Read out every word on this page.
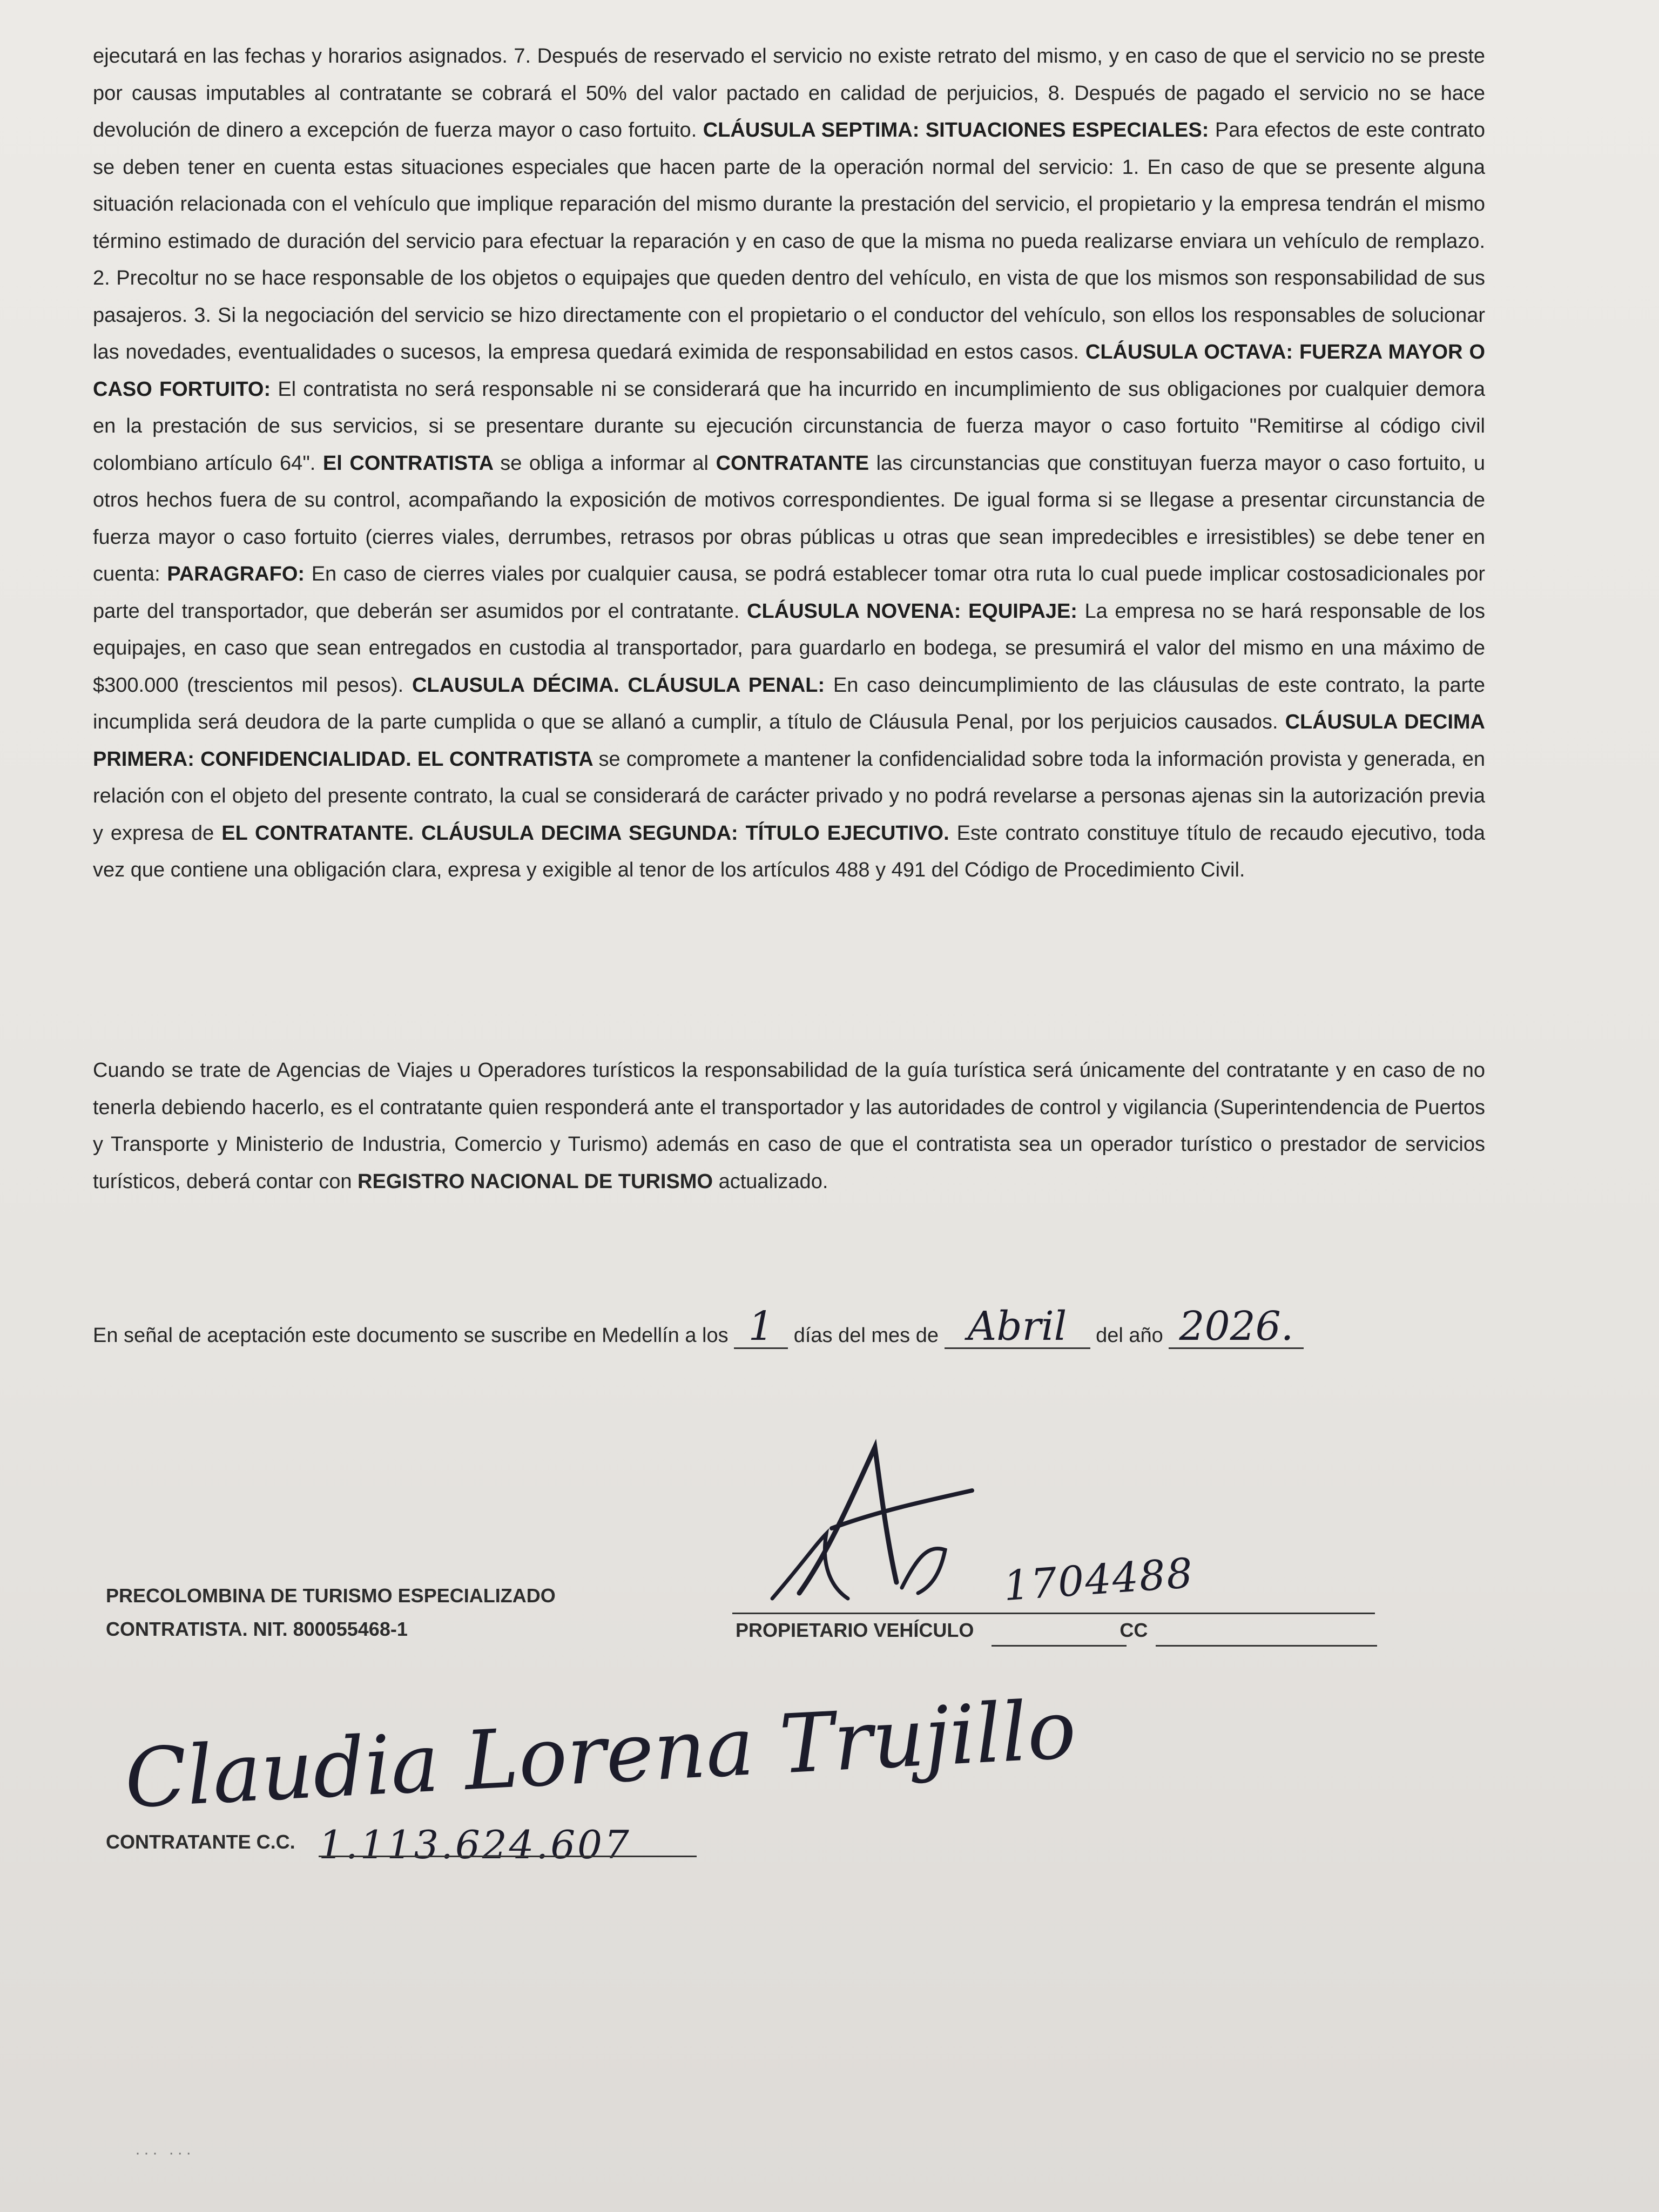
ejecutará en las fechas y horarios asignados. 7. Después de reservado el servicio no existe retrato del mismo, y en caso de que el servicio no se preste por causas imputables al contratante se cobrará el 50% del valor pactado en calidad de perjuicios, 8. Después de pagado el servicio no se hace devolución de dinero a excepción de fuerza mayor o caso fortuito. CLÁUSULA SEPTIMA: SITUACIONES ESPECIALES: Para efectos de este contrato se deben tener en cuenta estas situaciones especiales que hacen parte de la operación normal del servicio: 1. En caso de que se presente alguna situación relacionada con el vehículo que implique reparación del mismo durante la prestación del servicio, el propietario y la empresa tendrán el mismo término estimado de duración del servicio para efectuar la reparación y en caso de que la misma no pueda realizarse enviara un vehículo de remplazo. 2. Precoltur no se hace responsable de los objetos o equipajes que queden dentro del vehículo, en vista de que los mismos son responsabilidad de sus pasajeros. 3. Si la negociación del servicio se hizo directamente con el propietario o el conductor del vehículo, son ellos los responsables de solucionar las novedades, eventualidades o sucesos, la empresa quedará eximida de responsabilidad en estos casos. CLÁUSULA OCTAVA: FUERZA MAYOR O CASO FORTUITO: El contratista no será responsable ni se considerará que ha incurrido en incumplimiento de sus obligaciones por cualquier demora en la prestación de sus servicios, si se presentare durante su ejecución circunstancia de fuerza mayor o caso fortuito "Remitirse al código civil colombiano artículo 64". El CONTRATISTA se obliga a informar al CONTRATANTE las circunstancias que constituyan fuerza mayor o caso fortuito, u otros hechos fuera de su control, acompañando la exposición de motivos correspondientes. De igual forma si se llegase a presentar circunstancia de fuerza mayor o caso fortuito (cierres viales, derrumbes, retrasos por obras públicas u otras que sean impredecibles e irresistibles) se debe tener en cuenta: PARAGRAFO: En caso de cierres viales por cualquier causa, se podrá establecer tomar otra ruta lo cual puede implicar costosadicionales por parte del transportador, que deberán ser asumidos por el contratante. CLÁUSULA NOVENA: EQUIPAJE: La empresa no se hará responsable de los equipajes, en caso que sean entregados en custodia al transportador, para guardarlo en bodega, se presumirá el valor del mismo en una máximo de $300.000 (trescientos mil pesos). CLAUSULA DÉCIMA. CLÁUSULA PENAL: En caso deincumplimiento de las cláusulas de este contrato, la parte incumplida será deudora de la parte cumplida o que se allanó a cumplir, a título de Cláusula Penal, por los perjuicios causados. CLÁUSULA DECIMA PRIMERA: CONFIDENCIALIDAD. EL CONTRATISTA se compromete a mantener la confidencialidad sobre toda la información provista y generada, en relación con el objeto del presente contrato, la cual se considerará de carácter privado y no podrá revelarse a personas ajenas sin la autorización previa y expresa de EL CONTRATANTE. CLÁUSULA DECIMA SEGUNDA: TÍTULO EJECUTIVO. Este contrato constituye título de recaudo ejecutivo, toda vez que contiene una obligación clara, expresa y exigible al tenor de los artículos 488 y 491 del Código de Procedimiento Civil.

Cuando se trate de Agencias de Viajes u Operadores turísticos la responsabilidad de la guía turística será únicamente del contratante y en caso de no tenerla debiendo hacerlo, es el contratante quien responderá ante el transportador y las autoridades de control y vigilancia (Superintendencia de Puertos y Transporte y Ministerio de Industria, Comercio y Turismo) además en caso de que el contratista sea un operador turístico o prestador de servicios turísticos, deberá contar con REGISTRO NACIONAL DE TURISMO actualizado.
En señal de aceptación este documento se suscribe en Medellín a los 1 días del mes de Abril	del año 2026.
PRECOLOMBINA DE TURISMO ESPECIALIZADO
CONTRATISTA. NIT. 800055468-1
1704488
PROPIETARIO VEHÍCULO	CC
Claudia Lorena Trujillo
CONTRATANTE C.C. 1.113.624.607
··· ···
